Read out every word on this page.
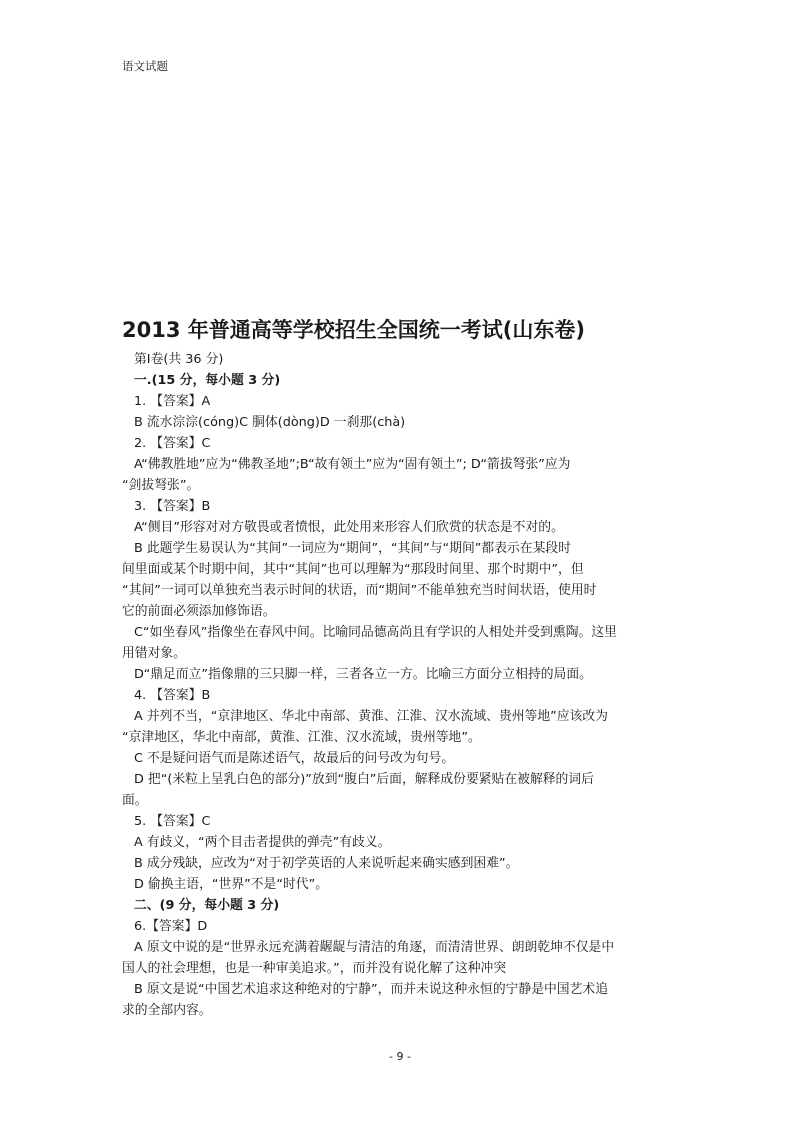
语文试题
2013 年普通高等学校招生全国统一考试(山东卷)

第Ⅰ卷(共 36 分)

一.(15 分，每小题 3 分)

1. 【答案】A

B 流水淙淙(cóng)C 胴体(dòng)D 一刹那(chà)

2. 【答案】C

A“佛教胜地”应为“佛教圣地”;B“故有领土”应为“固有领土”; D“箭拔弩张”应为

“剑拔弩张”。

3. 【答案】B

A“侧目”形容对对方敬畏或者愤恨，此处用来形容人们欣赏的状态是不对的。

B 此题学生易误认为“其间”一词应为“期间”，“其间”与“期间”都表示在某段时

间里面或某个时期中间，其中“其间”也可以理解为“那段时间里、那个时期中”，但

“其间”一词可以单独充当表示时间的状语，而“期间”不能单独充当时间状语，使用时

它的前面必须添加修饰语。

C“如坐春风”指像坐在春风中间。比喻同品德高尚且有学识的人相处并受到熏陶。这里

用错对象。

D“鼎足而立”指像鼎的三只脚一样，三者各立一方。比喻三方面分立相持的局面。

4. 【答案】B

A 并列不当，“京津地区、华北中南部、黄淮、江淮、汉水流域、贵州等地”应该改为

“京津地区，华北中南部，黄淮、江淮、汉水流域，贵州等地”。

C 不是疑问语气而是陈述语气，故最后的问号改为句号。

D 把“(米粒上呈乳白色的部分)”放到“腹白”后面，解释成份要紧贴在被解释的词后

面。

5. 【答案】C

A 有歧义，“两个目击者提供的弹壳”有歧义。

B 成分残缺，应改为“对于初学英语的人来说听起来确实感到困难”。

D 偷换主语，“世界”不是“时代”。

二、(9 分，每小题 3 分)

6.【答案】D

A 原文中说的是“世界永远充满着龌龊与清洁的角逐，而清清世界、朗朗乾坤不仅是中

国人的社会理想，也是一种审美追求。”，而并没有说化解了这种冲突

B 原文是说“中国艺术追求这种绝对的宁静”，而并未说这种永恒的宁静是中国艺术追

求的全部内容。

- 9 -
